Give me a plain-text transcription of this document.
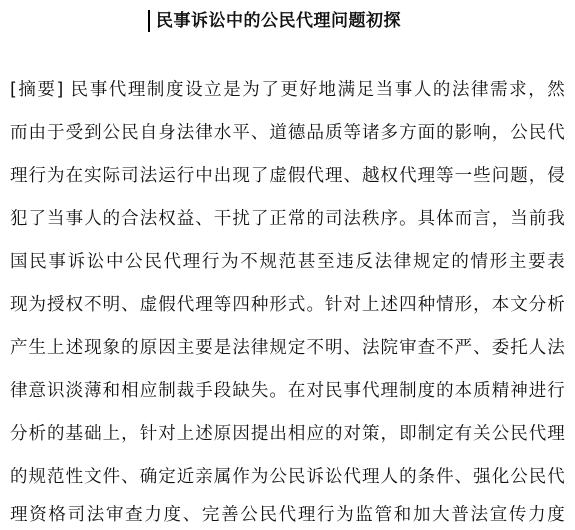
民事诉讼中的公民代理问题初探
[摘要] 民事代理制度设立是为了更好地满足当事人的法律需求，然
而由于受到公民自身法律水平、道德品质等诸多方面的影响，公民代
理行为在实际司法运行中出现了虚假代理、越权代理等一些问题，侵
犯了当事人的合法权益、干扰了正常的司法秩序。具体而言，当前我
国民事诉讼中公民代理行为不规范甚至违反法律规定的情形主要表
现为授权不明、虚假代理等四种形式。针对上述四种情形，本文分析
产生上述现象的原因主要是法律规定不明、法院审查不严、委托人法
律意识淡薄和相应制裁手段缺失。在对民事代理制度的本质精神进行
分析的基础上，针对上述原因提出相应的对策，即制定有关公民代理
的规范性文件、确定近亲属作为公民诉讼代理人的条件、强化公民代
理资格司法审查力度、完善公民代理行为监管和加大普法宣传力度
